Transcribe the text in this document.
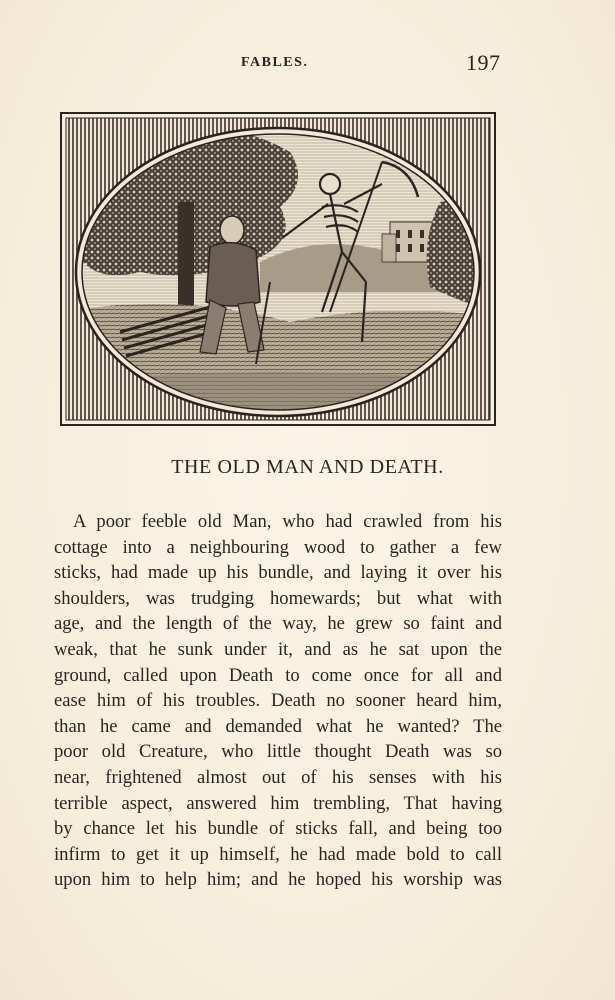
FABLES.	197
THE OLD MAN AND DEATH.
A poor feeble old Man, who had crawled from his
cottage into a neighbouring wood to gather a few
sticks, had made up his bundle, and laying it over his
shoulders, was trudging homewards; but what with
age, and the length of the way, he grew so faint and
weak, that he sunk under it, and as he sat upon the
ground, called upon Death to come once for all and
ease him of his troubles. Death no sooner heard him,
than he came and demanded what he wanted? The
poor old Creature, who little thought Death was so
near, frightened almost out of his senses with his
terrible aspect, answered him trembling, That having
by chance let his bundle of sticks fall, and being too
infirm to get it up himself, he had made bold to call
upon him to help him; and he hoped his worship was
